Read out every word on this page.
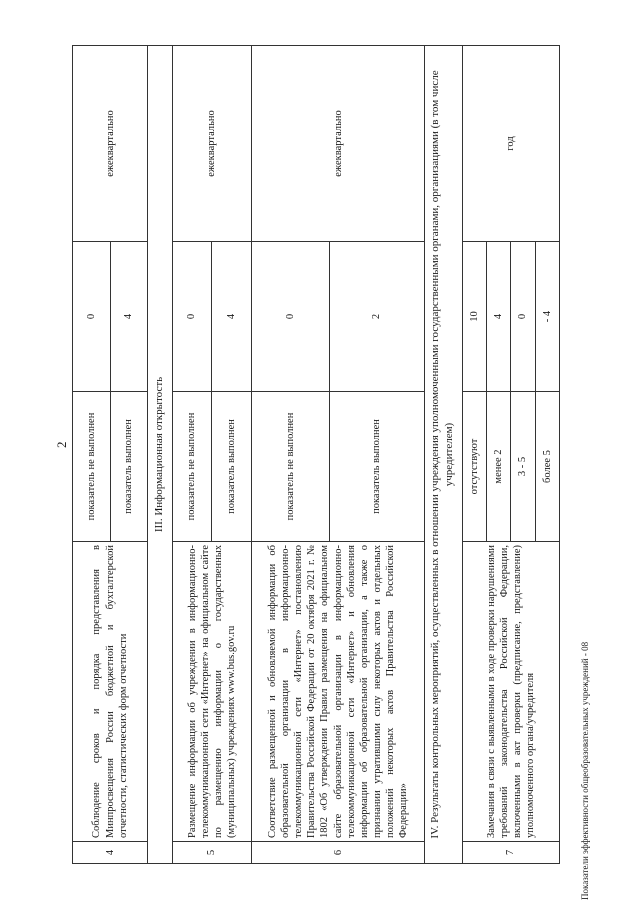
2
Показатели эффективности общеобразовательных учреждений - 08
4	Соблюдение сроков и порядка представления в Минпросвещения России бюджетной и бухгалтерской отчетности, статистических форм отчетности	показатель не выполнен	0	ежеквартально
		показатель выполнен	4	
III. Информационная открытость				
5	Размещение информации об учреждении в информационно-телекоммуникационной сети «Интернет» на официальном сайте по размещению информации о государственных (муниципальных) учреждениях www.bus.gov.ru	показатель не выполнен	0	ежеквартально
		показатель выполнен	4	
6	Соответствие размещенной и обновляемой информации об образовательной организации в информационно-телекоммуникационной сети «Интернет» постановлению Правительства Российской Федерации от 20 октября 2021 г. № 1802 «Об утверждении Правил размещения на официальном сайте образовательной организации в информационно-телекоммуникационной сети «Интернет» и обновления информации об образовательной организации, а также о признании утратившими силу некоторых актов и отдельных положений некоторых актов Правительства Российской Федерации»	показатель не выполнен	0	ежеквартально
		показатель выполнен	2	
IV. Результаты контрольных мероприятий, осуществленных в отношении учреждения уполномоченными государственными органами, организациями (в том числе учредителем)				
7	Замечания в связи с выявленными в ходе проверки нарушениями требований законодательства Российской Федерации, включенными в акт проверки (предписание, представление) уполномоченного органа/учредителя	отсутствуют	10	год
		менее 2	4	
		3 - 5	0	
		более 5	- 4	
